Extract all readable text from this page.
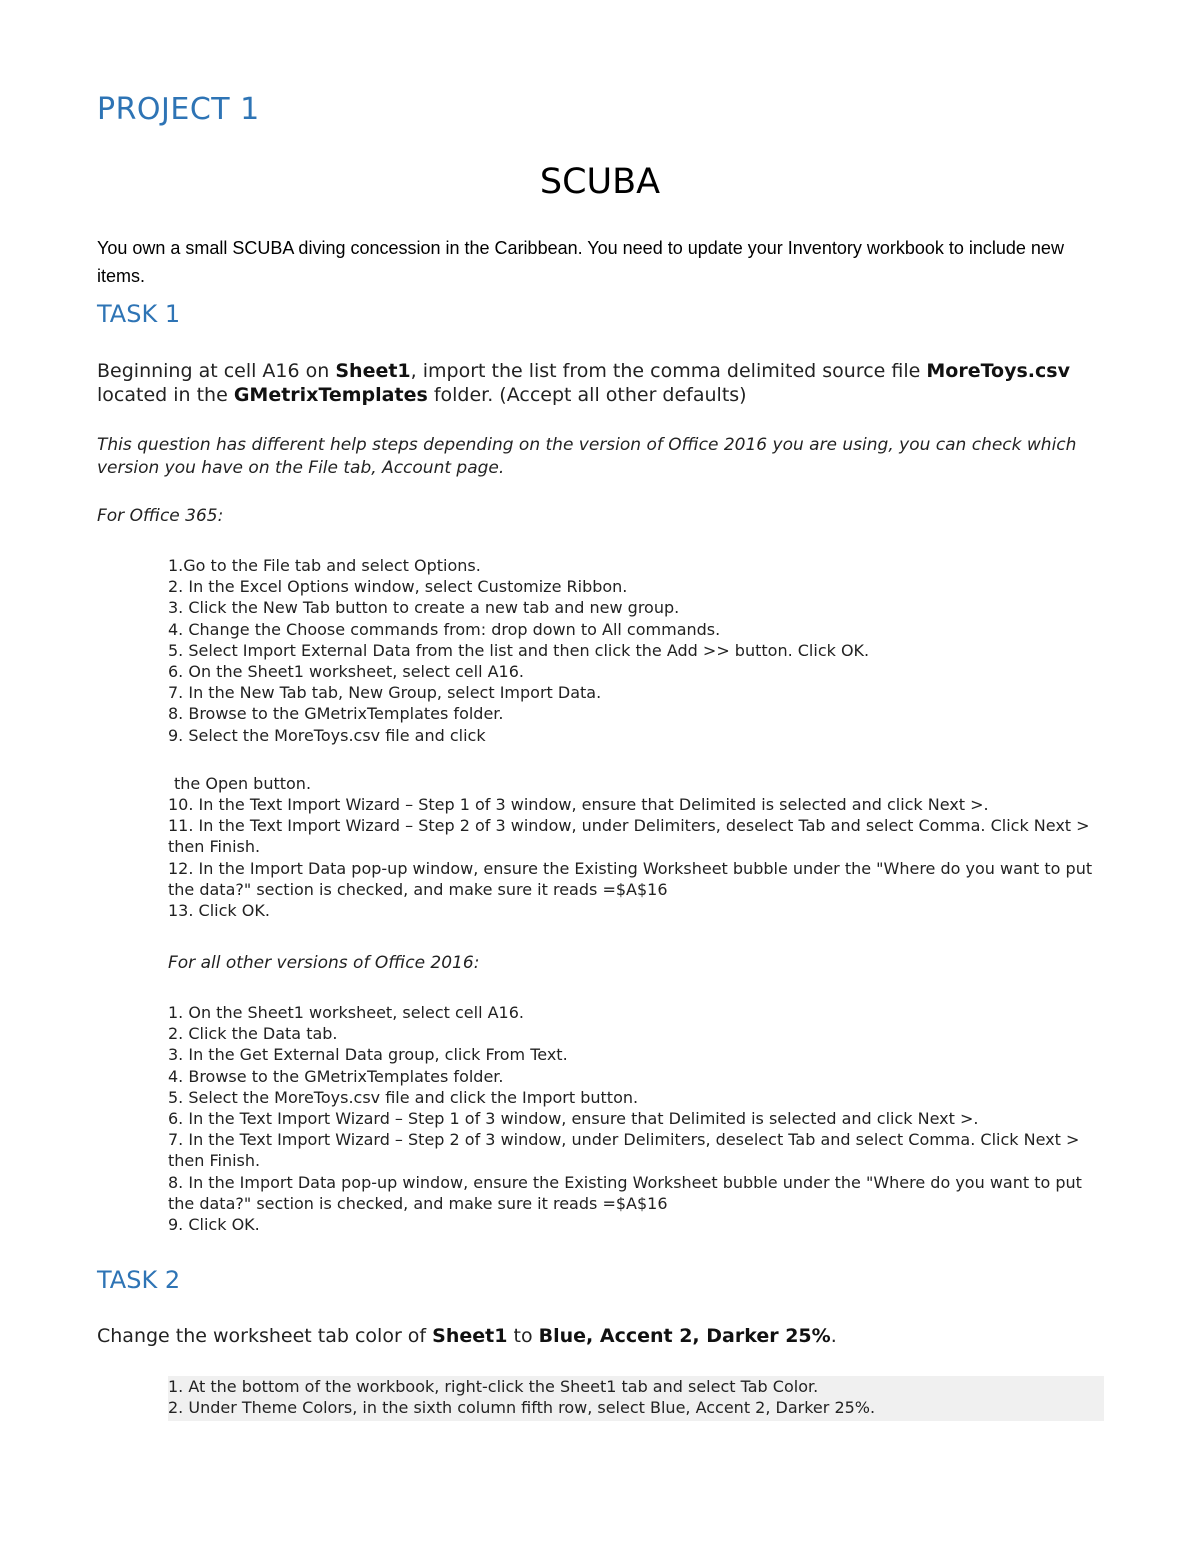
PROJECT 1
SCUBA

You own a small SCUBA diving concession in the Caribbean. You need to update your Inventory workbook to include new items.

TASK 1

Beginning at cell A16 on Sheet1, import the list from the comma delimited source file MoreToys.csv located in the GMetrixTemplates folder. (Accept all other defaults)

This question has different help steps depending on the version of Office 2016 you are using, you can check which version you have on the File tab, Account page.

For Office 365:

1.Go to the File tab and select Options.
2. In the Excel Options window, select Customize Ribbon.
3. Click the New Tab button to create a new tab and new group.
4. Change the Choose commands from: drop down to All commands.
5. Select Import External Data from the list and then click the Add >> button. Click OK.
6. On the Sheet1 worksheet, select cell A16.
7. In the New Tab tab, New Group, select Import Data.
8. Browse to the GMetrixTemplates folder.
9. Select the MoreToys.csv file and click
the Open button.
10. In the Text Import Wizard – Step 1 of 3 window, ensure that Delimited is selected and click Next >.
11. In the Text Import Wizard – Step 2 of 3 window, under Delimiters, deselect Tab and select Comma. Click Next > then Finish.
12. In the Import Data pop-up window, ensure the Existing Worksheet bubble under the "Where do you want to put the data?" section is checked, and make sure it reads =$A$16
13. Click OK.

For all other versions of Office 2016:

1. On the Sheet1 worksheet, select cell A16.
2. Click the Data tab.
3. In the Get External Data group, click From Text.
4. Browse to the GMetrixTemplates folder.
5. Select the MoreToys.csv file and click the Import button.
6. In the Text Import Wizard – Step 1 of 3 window, ensure that Delimited is selected and click Next >.
7. In the Text Import Wizard – Step 2 of 3 window, under Delimiters, deselect Tab and select Comma. Click Next > then Finish.
8. In the Import Data pop-up window, ensure the Existing Worksheet bubble under the "Where do you want to put the data?" section is checked, and make sure it reads =$A$16
9. Click OK.
TASK 2

Change the worksheet tab color of Sheet1 to Blue, Accent 2, Darker 25%.

1. At the bottom of the workbook, right-click the Sheet1 tab and select Tab Color.
2. Under Theme Colors, in the sixth column fifth row, select Blue, Accent 2, Darker 25%.
